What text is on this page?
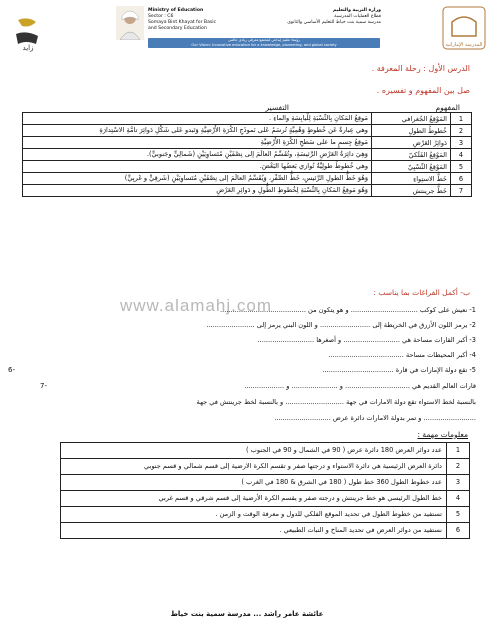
زايد
Ministry of Education
Sector : C6
Somaya Bint Khayat for Basic
and Secondary Education
وزارة التربية والتعليم
قطاع العمليات المدرسية
مدرسة سمية بنت خياط للتعليم الأساسي والثانوي
رؤيتنا: تعليم إبداعي لمجتمع معرفي ريادي عالمي
Our Vision: Innovative education for a knowledge, pioneering, and global society	المدرسة الإماراتية
الدرس الأول : رحلة المعرفة .
صل بين المفهوم و تفسيره .
المفهوم
التفسير
1	المَوْقِعُ الجُغرافي	مَوقِعُ المَكانِ بِالنِّسْبَةِ لِلْيابِسَةِ والماءِ .
2	خُطوطُ الطولِ	وهي عِبارةٌ عَن خُطوطٍ وَهْمِيَّةٍ تُرسَمُ عَلى نَموذَجِ الكُرَةِ الأَرْضِيَّةِ وَتَبدو عَلى شَكْلِ دَوائِرَ تامَّةِ الاسْتِدارَةِ
3	دَوائِرُ العَرْضِ	مَوقِعُ جِسمٍ ما على سَطحِ الكُرَةِ الأَرْضِيَّةِ
4	المَوْقِعُ الفَلَكيّ	وَهِيَ دائِرَةُ العَرْضِ الرَّئيسَةِ، وتُقَسِّمُ العالَمَ إلى نِصْفَيْنِ مُتَساوِيَيْنِ (شَمالِيٍّ وجَنوبيٍّ).
5	المَوْقِعُ النِّسْبِيّ	وهي خُطوطٌ طولِيَّةٌ تُوازي بَعضُها البَعْضَ.
6	خَطُّ الاستِواءِ	وَهُوَ خَطُّ الطولِ الرَّئيسِ، خَطُّ الصِّفْرِ، وَيُقَسِّمُ العالَمَ إلى نِصْفَيْنِ مُتَساوِيَيْنِ (شَرقِيٍّ و غَربِيٍّ)
7	خَطُّ جرينتش	وَهُوَ مَوقِعُ المَكانِ بِالنِّسْبَةِ لِخُطوطِ الطُّولِ و دَوائِرِ العَرْضِ
ب- أكمل الفراغات بما يناسب :
www.alamahj.com
1- نعيش على كوكب ................................ و هو يتكون من .........................................
2- يرمز اللون الأزرق في الخريطة إلى ........................ و اللون البني يرمز إلى .......................
3- أكبر القارات مساحة هي ........................... و أصغرها ...........................
4- أكبر المحيطات مساحة ....................................
5- تقع دولة الإمارات في قارة ..................................
قارات العالم القديم هي ............................... و ...................... و ...................
بالنسبة لخط الاستواء تقع دولة الامارات في جهة ............................ و بالنسبة لخط جرينتش في جهة
......................... و تمر بدولة الامارات دائرة عرض ...........................
6-
7-
معلومات مهمة :
1	عدد دوائر العرض 180 دائرة عرض ( 90 في الشمال و 90 في الجنوب )
2	دائرة العرض الرئيسية هي دائرة الاستواء و درجتها صفر و تقسم الكرة الارضية إلى قسم شمالي و قسم جنوبي
3	عدد خطوط الطول 360 خط طول ( 180 في الشرق & 180 في الغرب )
4	خط الطول الرئيسي هو خط جرينتش و درجته صفر و يقسم الكرة الأرضية إلى قسم شرقي و قسم غربي
5	تستفيد من خطوط الطول في تحديد الموقع الفلكي للدول و معرفة الوقت و الزمن .
6	نستفيد من دوائر العرض في تحديد المناخ و النبات الطبيعي .
عائشة عامر راشد ... مدرسة سمية بنت خياط
